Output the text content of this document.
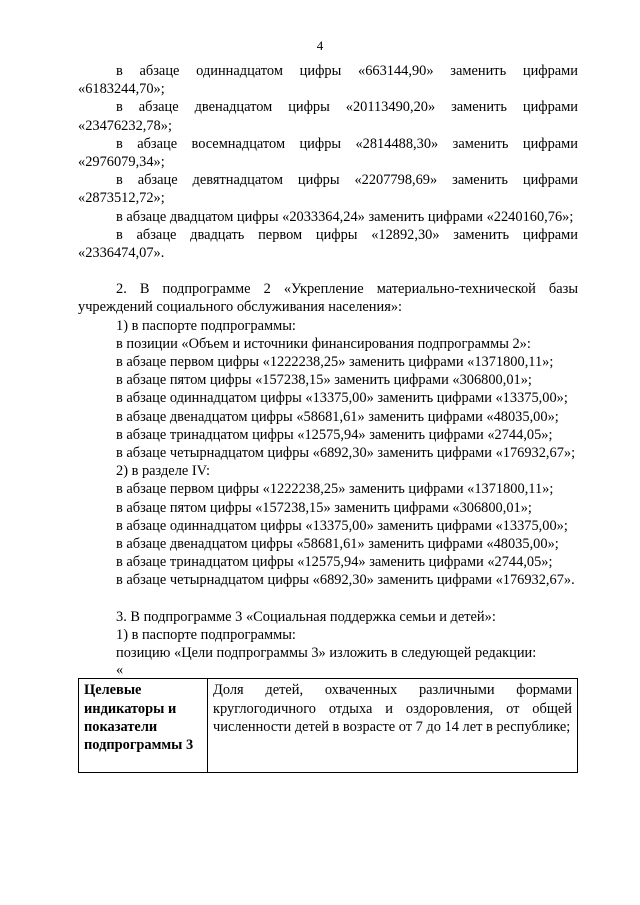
4

в абзаце одиннадцатом цифры «663144,90» заменить цифрами «6183244,70»;

в абзаце двенадцатом цифры «20113490,20» заменить цифрами «23476232,78»;

в абзаце восемнадцатом цифры «2814488,30» заменить цифрами «2976079,34»;

в абзаце девятнадцатом цифры «2207798,69» заменить цифрами «2873512,72»;

в абзаце двадцатом цифры «2033364,24» заменить цифрами «2240160,76»;

в абзаце двадцать первом цифры «12892,30» заменить цифрами «2336474,07».

2. В подпрограмме 2 «Укрепление материально-технической базы учреждений социального обслуживания населения»:

1) в паспорте подпрограммы:

в позиции «Объем и источники финансирования подпрограммы 2»:

в абзаце первом цифры «1222238,25» заменить цифрами «1371800,11»;

в абзаце пятом цифры «157238,15» заменить цифрами «306800,01»;

в абзаце одиннадцатом цифры «13375,00» заменить цифрами «13375,00»;

в абзаце двенадцатом цифры «58681,61» заменить цифрами «48035,00»;

в абзаце тринадцатом цифры «12575,94» заменить цифрами «2744,05»;

в абзаце четырнадцатом цифры «6892,30» заменить цифрами «176932,67»;

2) в разделе IV:

в абзаце первом цифры «1222238,25» заменить цифрами «1371800,11»;

в абзаце пятом цифры «157238,15» заменить цифрами «306800,01»;

в абзаце одиннадцатом цифры «13375,00» заменить цифрами «13375,00»;

в абзаце двенадцатом цифры «58681,61» заменить цифрами «48035,00»;

в абзаце тринадцатом цифры «12575,94» заменить цифрами «2744,05»;

в абзаце четырнадцатом цифры «6892,30» заменить цифрами «176932,67».

3. В подпрограмме 3 «Социальная поддержка семьи и детей»:

1) в паспорте подпрограммы:

позицию «Цели подпрограммы 3» изложить в следующей редакции:

«

Целевые индикаторы и показатели подпрограммы 3	Доля детей, охваченных различными формами круглогодичного отдыха и оздоровления, от общей численности детей в возрасте от 7 до 14 лет в республике;
